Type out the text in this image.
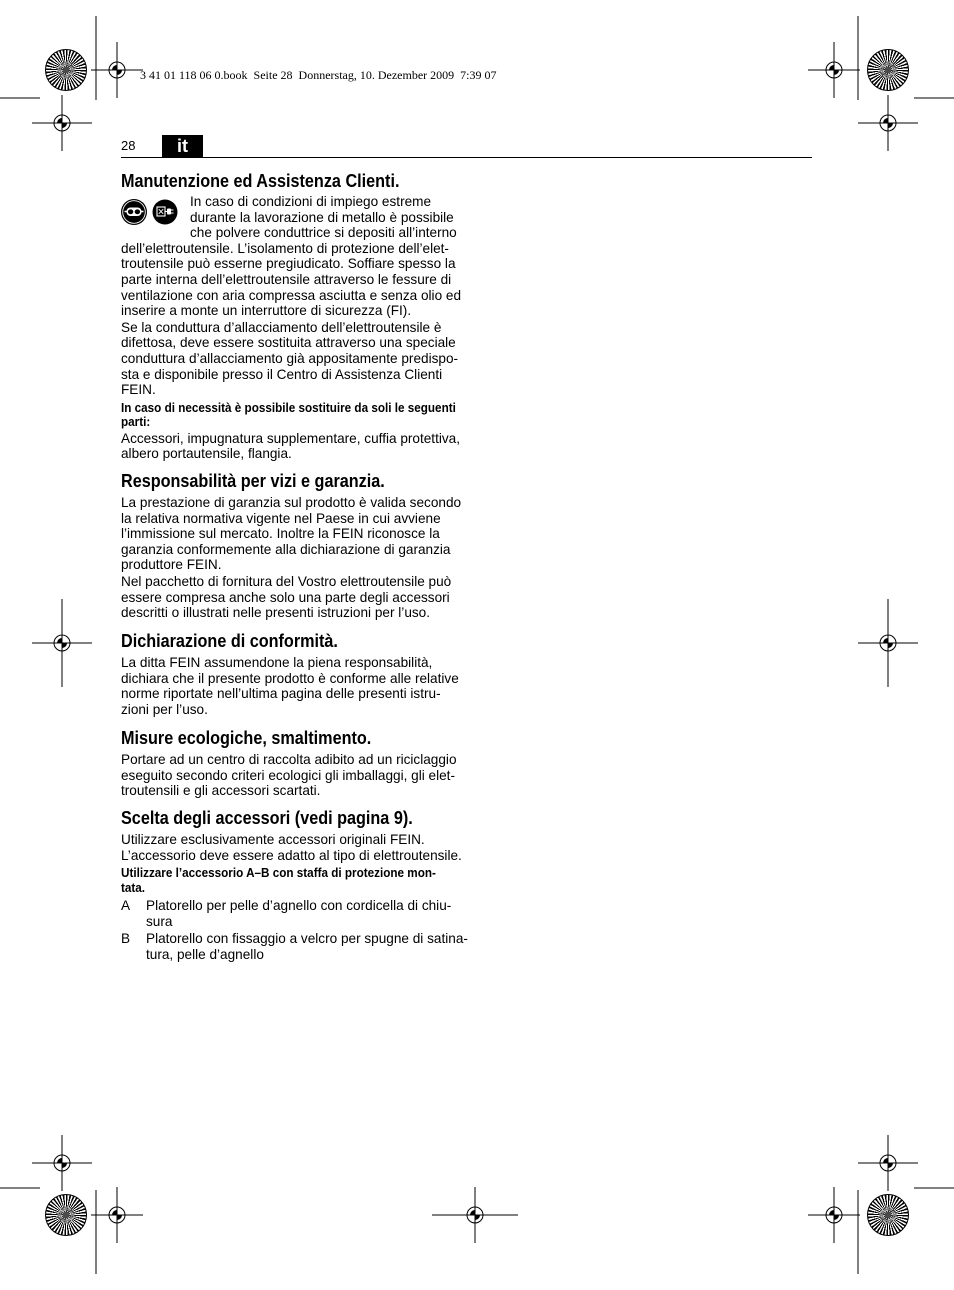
3 41 01 118 06 0.book  Seite 28  Donnerstag, 10. Dezember 2009  7:39 07
28	it
Manutenzione ed Assistenza Clienti.
In caso di condizioni di impiego estreme
durante la lavorazione di metallo è possibile
che polvere conduttrice si depositi all’interno
dell’elettroutensile. L’isolamento di protezione dell’elet-
troutensile può esserne pregiudicato. Soffiare spesso la
parte interna dell’elettroutensile attraverso le fessure di
ventilazione con aria compressa asciutta e senza olio ed
inserire a monte un interruttore di sicurezza (FI).
Se la conduttura d’allacciamento dell’elettroutensile è
difettosa, deve essere sostituita attraverso una speciale
conduttura d’allacciamento già appositamente predispo-
sta e disponibile presso il Centro di Assistenza Clienti
FEIN.
In caso di necessità è possibile sostituire da soli le seguenti
parti:
Accessori, impugnatura supplementare, cuffia protettiva,
albero portautensile, flangia.
Responsabilità per vizi e garanzia.
La prestazione di garanzia sul prodotto è valida secondo
la relativa normativa vigente nel Paese in cui avviene
l’immissione sul mercato. Inoltre la FEIN riconosce la
garanzia conformemente alla dichiarazione di garanzia
produttore FEIN.
Nel pacchetto di fornitura del Vostro elettroutensile può
essere compresa anche solo una parte degli accessori
descritti o illustrati nelle presenti istruzioni per l’uso.
Dichiarazione di conformità.
La ditta FEIN assumendone la piena responsabilità,
dichiara che il presente prodotto è conforme alle relative
norme riportate nell’ultima pagina delle presenti istru-
zioni per l’uso.
Misure ecologiche, smaltimento.
Portare ad un centro di raccolta adibito ad un riciclaggio
eseguito secondo criteri ecologici gli imballaggi, gli elet-
troutensili e gli accessori scartati.
Scelta degli accessori (vedi pagina 9).
Utilizzare esclusivamente accessori originali FEIN.
L’accessorio deve essere adatto al tipo di elettroutensile.
Utilizzare l’accessorio A–B con staffa di protezione mon-
tata.
A Platorello per pelle d’agnello con cordicella di chiu-
sura
B Platorello con fissaggio a velcro per spugne di satina-
tura, pelle d’agnello
